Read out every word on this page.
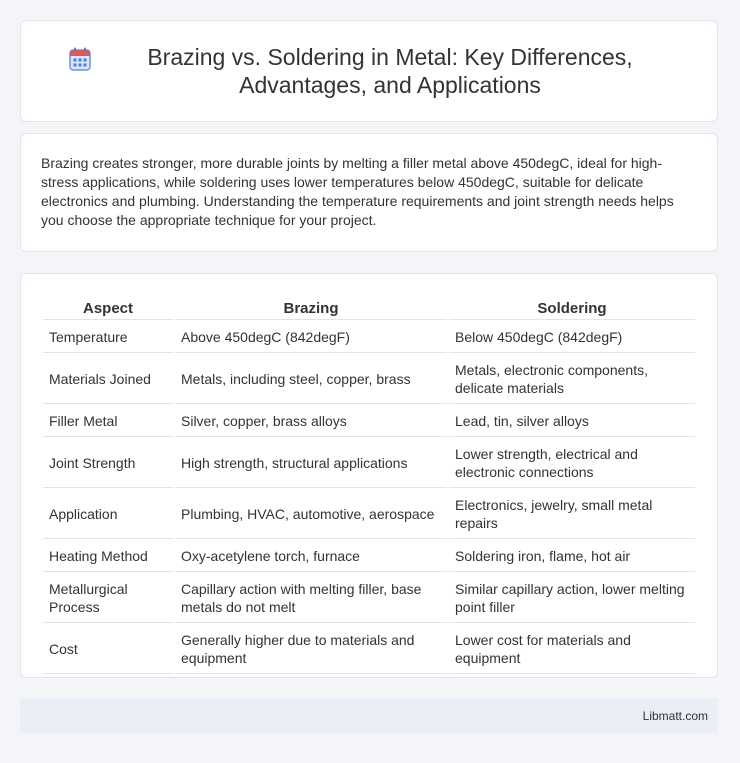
Brazing vs. Soldering in Metal: Key Differences, Advantages, and Applications

Brazing creates stronger, more durable joints by melting a filler metal above 450degC, ideal for high-stress applications, while soldering uses lower temperatures below 450degC, suitable for delicate electronics and plumbing. Understanding the temperature requirements and joint strength needs helps you choose the appropriate technique for your project.

Aspect	Brazing	Soldering
Temperature	Above 450degC (842degF)	Below 450degC (842degF)
Materials Joined	Metals, including steel, copper, brass	Metals, electronic components, delicate materials
Filler Metal	Silver, copper, brass alloys	Lead, tin, silver alloys
Joint Strength	High strength, structural applications	Lower strength, electrical and electronic connections
Application	Plumbing, HVAC, automotive, aerospace	Electronics, jewelry, small metal repairs
Heating Method	Oxy-acetylene torch, furnace	Soldering iron, flame, hot air
Metallurgical Process	Capillary action with melting filler, base metals do not melt	Similar capillary action, lower melting point filler
Cost	Generally higher due to materials and equipment	Lower cost for materials and equipment
Libmatt.com
